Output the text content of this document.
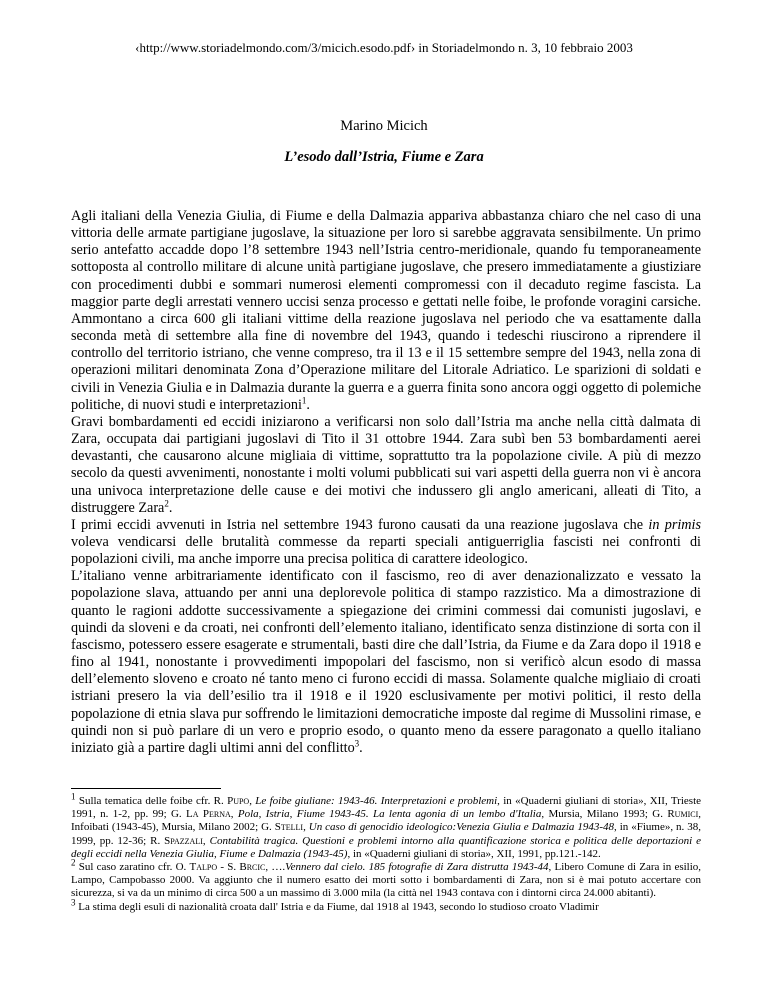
‹http://www.storiadelmondo.com/3/micich.esodo.pdf› in Storiadelmondo n. 3, 10 febbraio 2003
Marino Micich
L’esodo dall’Istria, Fiume e Zara

Agli italiani della Venezia Giulia, di Fiume e della Dalmazia appariva abbastanza chiaro che nel caso di una vittoria delle armate partigiane jugoslave, la situazione per loro si sarebbe aggravata sensibilmente. Un primo serio antefatto accadde dopo l’8 settembre 1943 nell’Istria centro-meridionale, quando fu temporaneamente sottoposta al controllo militare di alcune unità partigiane jugoslave, che presero immediatamente a giustiziare con procedimenti dubbi e sommari numerosi elementi compromessi con il decaduto regime fascista. La maggior parte degli arrestati vennero uccisi senza processo e gettati nelle foibe, le profonde voragini carsiche. Ammontano a circa 600 gli italiani vittime della reazione jugoslava nel periodo che va esattamente dalla seconda metà di settembre alla fine di novembre del 1943, quando i tedeschi riuscirono a riprendere il controllo del territorio istriano, che venne compreso, tra il 13 e il 15 settembre sempre del 1943, nella zona di operazioni militari denominata Zona d’Operazione militare del Litorale Adriatico. Le sparizioni di soldati e civili in Venezia Giulia e in Dalmazia durante la guerra e a guerra finita sono ancora oggi oggetto di polemiche politiche, di nuovi studi e interpretazioni$^1$.

Gravi bombardamenti ed eccidi iniziarono a verificarsi non solo dall’Istria ma anche nella città dalmata di Zara, occupata dai partigiani jugoslavi di Tito il 31 ottobre 1944. Zara subì ben 53 bombardamenti aerei devastanti, che causarono alcune migliaia di vittime, soprattutto tra la popolazione civile. A più di mezzo secolo da questi avvenimenti, nonostante i molti volumi pubblicati sui vari aspetti della guerra non vi è ancora una univoca interpretazione delle cause e dei motivi che indussero gli anglo americani, alleati di Tito, a distruggere Zara$^2$.

I primi eccidi avvenuti in Istria nel settembre 1943 furono causati da una reazione jugoslava che in primis voleva vendicarsi delle brutalità commesse da reparti speciali antiguerriglia fascisti nei confronti di popolazioni civili, ma anche imporre una precisa politica di carattere ideologico.

L’italiano venne arbitrariamente identificato con il fascismo, reo di aver denazionalizzato e vessato la popolazione slava, attuando per anni una deplorevole politica di stampo razzistico. Ma a dimostrazione di quanto le ragioni addotte successivamente a spiegazione dei crimini commessi dai comunisti jugoslavi, e quindi da sloveni e da croati, nei confronti dell’elemento italiano, identificato senza distinzione di sorta con il fascismo, potessero essere esagerate e strumentali, basti dire che dall’Istria, da Fiume e da Zara dopo il 1918 e fino al 1941, nonostante i provvedimenti impopolari del fascismo, non si verificò alcun esodo di massa dell’elemento sloveno e croato né tanto meno ci furono eccidi di massa. Solamente qualche migliaio di croati istriani presero la via dell’esilio tra il 1918 e il 1920 esclusivamente per motivi politici, il resto della popolazione di etnia slava pur soffrendo le limitazioni democratiche imposte dal regime di Mussolini rimase, e quindi non si può parlare di un vero e proprio esodo, o quanto meno da essere paragonato a quello italiano iniziato già a partire dagli ultimi anni del conflitto$^3$.

$^1$ Sulla tematica delle foibe cfr. R. Pupo, Le foibe giuliane: 1943-46. Interpretazioni e problemi, in «Quaderni giuliani di storia», XII, Trieste 1991, n. 1-2, pp. 99; G. La Perna, Pola, Istria, Fiume 1943-45. La lenta agonia di un lembo d'Italia, Mursia, Milano 1993; G. Rumici, Infoibati (1943-45), Mursia, Milano 2002; G. Stelli, Un caso di genocidio ideologico:Venezia Giulia e Dalmazia 1943-48, in «Fiume», n. 38, 1999, pp. 12-36; R. Spazzali, Contabilità tragica. Questioni e problemi intorno alla quantificazione storica e politica delle deportazioni e degli eccidi nella Venezia Giulia, Fiume e Dalmazia (1943-45), in «Quaderni giuliani di storia», XII, 1991, pp.121.-142.

$^2$ Sul caso zaratino cfr. O. Talpo - S. Brcic, ….Vennero dal cielo. 185 fotografie di Zara distrutta 1943-44, Libero Comune di Zara in esilio, Lampo, Campobasso 2000. Va aggiunto che il numero esatto dei morti sotto i bombardamenti di Zara, non si è mai potuto accertare con sicurezza, si va da un minimo di circa 500 a un massimo di 3.000 mila (la città nel 1943 contava con i dintorni circa 24.000 abitanti).

$^3$ La stima degli esuli di nazionalità croata dall' Istria e da Fiume, dal 1918 al 1943, secondo lo studioso croato Vladimir
